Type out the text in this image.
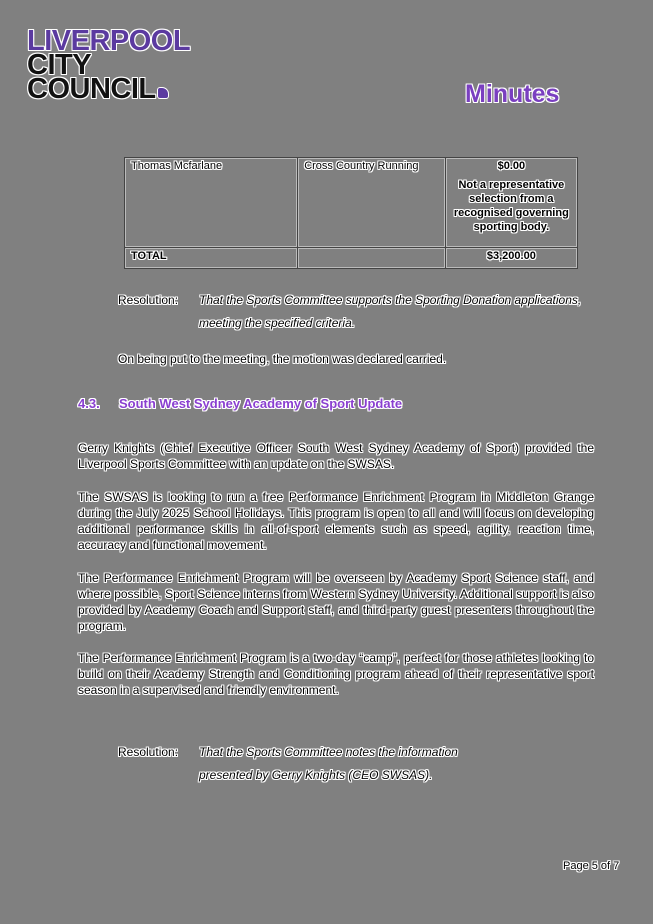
LIVERPOOL
CITY
COUNCIL	Minutes
Thomas Mcfarlane	Cross Country Running	$0.00
Not a representative selection from a recognised governing sporting body.

TOTAL		$3,200.00
Resolution: That the Sports Committee supports the Sporting Donation applications, meeting the specified criteria.
On being put to the meeting, the motion was declared carried.
4.3. South West Sydney Academy of Sport Update

Gerry Knights (Chief Executive Officer South West Sydney Academy of Sport) provided the Liverpool Sports Committee with an update on the SWSAS.

The SWSAS is looking to run a free Performance Enrichment Program in Middleton Grange during the July 2025 School Holidays. This program is open to all and will focus on developing additional performance skills in all-of-sport elements such as speed, agility, reaction time, accuracy and functional movement.

The Performance Enrichment Program will be overseen by Academy Sport Science staff, and where possible, Sport Science interns from Western Sydney University. Additional support is also provided by Academy Coach and Support staff, and third-party guest presenters throughout the program.

The Performance Enrichment Program is a two-day “camp”, perfect for those athletes looking to build on their Academy Strength and Conditioning program ahead of their representative sport season in a supervised and friendly environment.

Resolution: That the Sports Committee notes the information presented by Gerry Knights (CEO SWSAS).
Page 5 of 7
